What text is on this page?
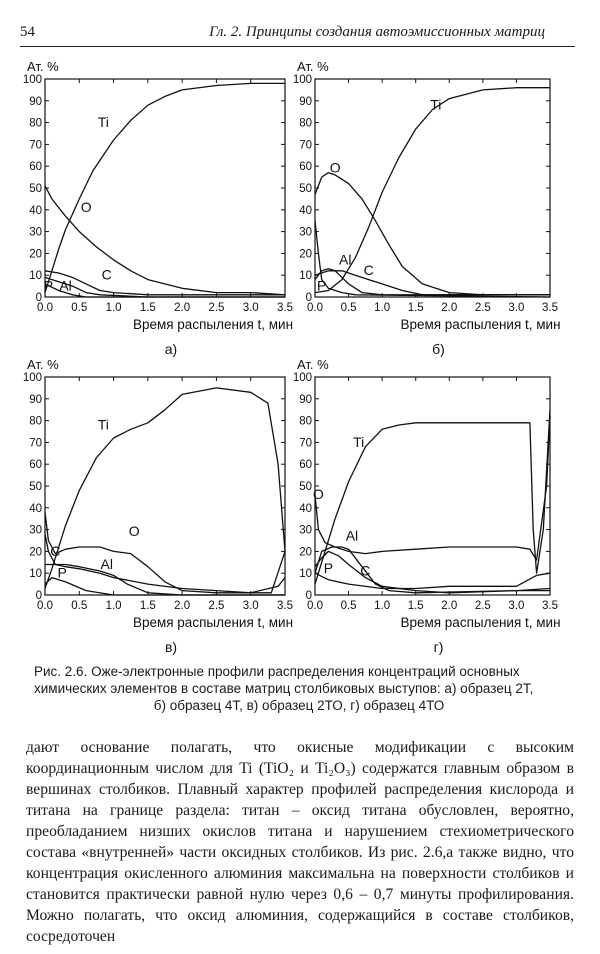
54	Гл. 2. Принципы создания автоэмиссионных матриц
0
10
20
30
40
50
60
70
80
90
100
0.0 0.5 1.0 1.5 2.0 2.5 3.0 3.5
Ат. %
Время распыления t, мин
а)
Ti
O
C
P Al
0
10
20
30
40
50
60
70
80
90
100
0.0 0.5 1.0 1.5 2.0 2.5 3.0 3.5
Ат. %
Время распыления t, мин
б)
Ti
O
Al
C
P
0
10
20
30
40
50
60
70
80
90
100
0.0 0.5 1.0 1.5 2.0 2.5 3.0 3.5
Ат. %
Время распыления t, мин
в)
Ti
O
C
Al
P
0
10
20
30
40
50
60
70
80
90
100
0.0 0.5 1.0 1.5 2.0 2.5 3.0 3.5
Ат. %
Время распыления t, мин
г)
O
Ti
Al
P C
Рис. 2.6. Оже-электронные профили распределения концентраций основных химических элементов в составе матриц столбиковых выступов: а) образец 2Т,
б) образец 4Т, в) образец 2ТО, г) образец 4ТО

дают основание полагать, что окисные модификации с высоким координационным числом для Ti (TiO₂ и Ti₂O₃) содержатся главным образом в вершинах столбиков. Плавный характер профилей распределения кислорода и титана на границе раздела: титан – оксид титана обусловлен, вероятно, преобладанием низших окислов титана и нарушением стехиометрического состава «внутренней» части оксидных столбиков. Из рис. 2.6,а также видно, что концентрация окисленного алюминия максимальна на поверхности столбиков и становится практически равной нулю через 0,6 – 0,7 минуты профилирования. Можно полагать, что оксид алюминия, содержащийся в составе столбиков, сосредоточен
